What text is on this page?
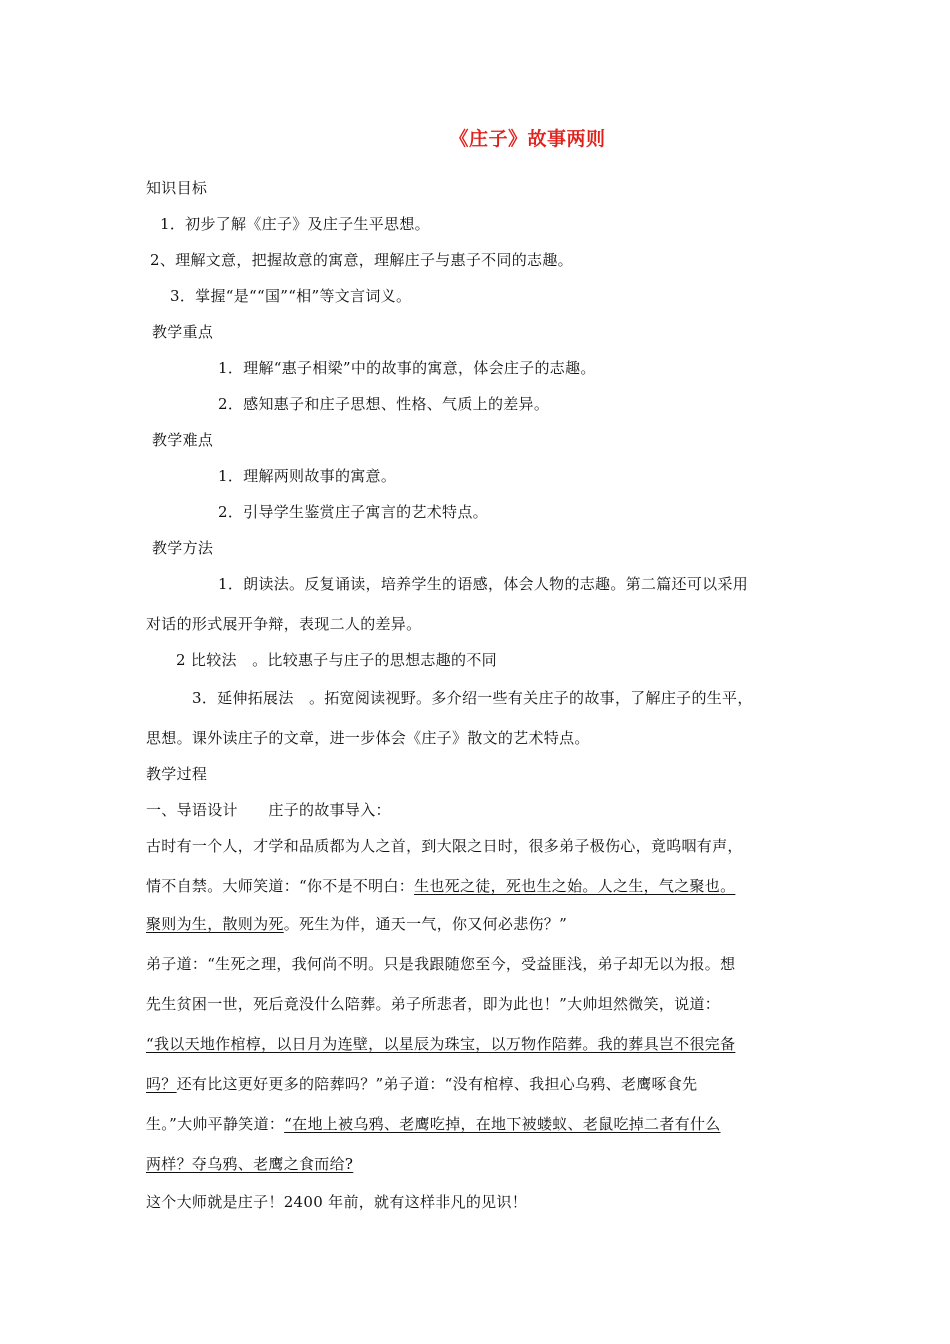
《庄子》故事两则
知识目标
1．初步了解《庄子》及庄子生平思想。
2、理解文意，把握故意的寓意，理解庄子与惠子不同的志趣。
3．掌握“是““国”“相”等文言词义。
教学重点
1．理解“惠子相梁”中的故事的寓意，体会庄子的志趣。
2．感知惠子和庄子思想、性格、气质上的差异。
教学难点
1．理解两则故事的寓意。
2．引导学生鉴赏庄子寓言的艺术特点。
教学方法
1．朗读法。反复诵读，培养学生的语感，体会人物的志趣。第二篇还可以采用
对话的形式展开争辩，表现二人的差异。
2 比较法　。比较惠子与庄子的思想志趣的不同
3．延伸拓展法　。拓宽阅读视野。多介绍一些有关庄子的故事，了解庄子的生平，
思想。课外读庄子的文章，进一步体会《庄子》散文的艺术特点。
教学过程
一、导语设计　　庄子的故事导入：
古时有一个人，才学和品质都为人之首，到大限之日时，很多弟子极伤心，竟呜咽有声，
情不自禁。大师笑道：“你不是不明白：生也死之徒，死也生之始。人之生，气之聚也。
聚则为生，散则为死。死生为伴，通天一气，你又何必悲伤？”
弟子道：“生死之理，我何尚不明。只是我跟随您至今，受益匪浅，弟子却无以为报。想
先生贫困一世，死后竟没什么陪葬。弟子所悲者，即为此也！”大帅坦然微笑，说道：
“我以天地作棺椁，以日月为连壁，以星辰为珠宝，以万物作陪葬。我的葬具岂不很完备
吗？还有比这更好更多的陪葬吗？”弟子道：“没有棺椁、我担心乌鸦、老鹰啄食先
生。”大帅平静笑道：“在地上被乌鸦、老鹰吃掉，在地下被蝼蚁、老鼠吃掉二者有什么
两样？夺乌鸦、老鹰之食而给?
这个大师就是庄子！2400 年前，就有这样非凡的见识！
